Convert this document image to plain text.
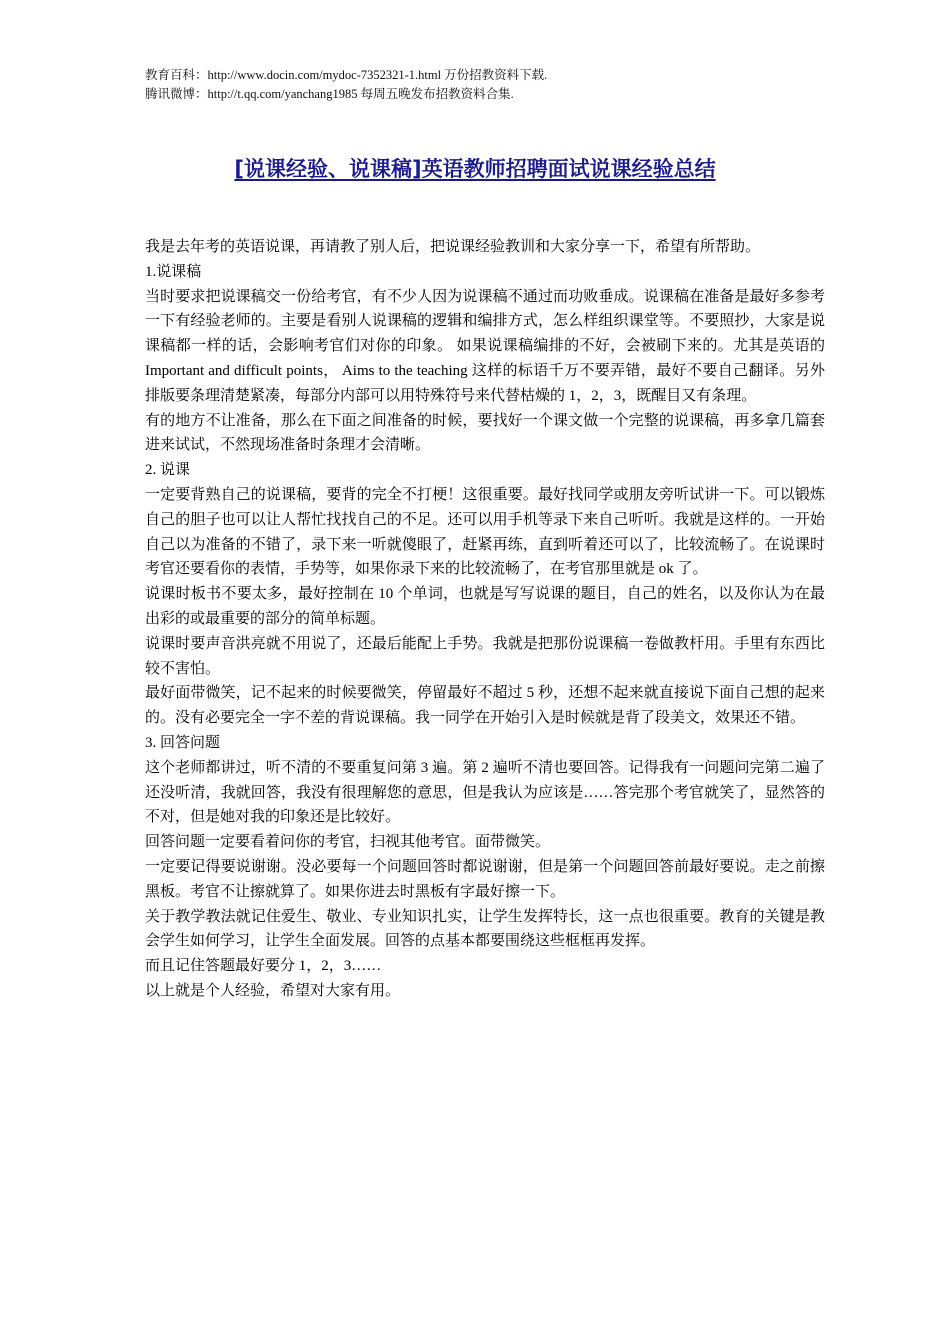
教育百科：http://www.docin.com/mydoc-7352321-1.html 万份招教资料下载.
腾讯微博：http://t.qq.com/yanchang1985 每周五晚发布招教资料合集.
[说课经验、说课稿]英语教师招聘面试说课经验总结

我是去年考的英语说课，再请教了别人后，把说课经验教训和大家分享一下，希望有所帮助。

1.说课稿

当时要求把说课稿交一份给考官，有不少人因为说课稿不通过而功败垂成。说课稿在准备是最好多参考一下有经验老师的。主要是看别人说课稿的逻辑和编排方式，怎么样组织课堂等。不要照抄，大家是说课稿都一样的话，会影响考官们对你的印象。 如果说课稿编排的不好，会被刷下来的。尤其是英语的 Important and difficult points， Aims to the teaching 这样的标语千万不要弄错，最好不要自己翻译。另外排版要条理清楚紧凑，每部分内部可以用特殊符号来代替枯燥的 1，2，3，既醒目又有条理。

有的地方不让准备，那么在下面之间准备的时候，要找好一个课文做一个完整的说课稿，再多拿几篇套进来试试，不然现场准备时条理才会清晰。

2. 说课

一定要背熟自己的说课稿，要背的完全不打梗！这很重要。最好找同学或朋友旁听试讲一下。可以锻炼自己的胆子也可以让人帮忙找找自己的不足。还可以用手机等录下来自己听听。我就是这样的。一开始自己以为准备的不错了，录下来一听就傻眼了，赶紧再练，直到听着还可以了，比较流畅了。在说课时考官还要看你的表情，手势等，如果你录下来的比较流畅了，在考官那里就是 ok 了。

说课时板书不要太多，最好控制在 10 个单词，也就是写写说课的题目，自己的姓名，以及你认为在最出彩的或最重要的部分的简单标题。

说课时要声音洪亮就不用说了，还最后能配上手势。我就是把那份说课稿一卷做教杆用。手里有东西比较不害怕。

最好面带微笑，记不起来的时候要微笑，停留最好不超过 5 秒，还想不起来就直接说下面自己想的起来的。没有必要完全一字不差的背说课稿。我一同学在开始引入是时候就是背了段美文，效果还不错。

3. 回答问题

这个老师都讲过，听不清的不要重复问第 3 遍。第 2 遍听不清也要回答。记得我有一问题问完第二遍了还没听清，我就回答，我没有很理解您的意思，但是我认为应该是……答完那个考官就笑了，显然答的不对，但是她对我的印象还是比较好。

回答问题一定要看着问你的考官，扫视其他考官。面带微笑。

一定要记得要说谢谢。没必要每一个问题回答时都说谢谢，但是第一个问题回答前最好要说。走之前擦黑板。考官不让擦就算了。如果你进去时黑板有字最好擦一下。

关于教学教法就记住爱生、敬业、专业知识扎实，让学生发挥特长，这一点也很重要。教育的关键是教会学生如何学习，让学生全面发展。回答的点基本都要围绕这些框框再发挥。

而且记住答题最好要分 1，2，3……

以上就是个人经验，希望对大家有用。
